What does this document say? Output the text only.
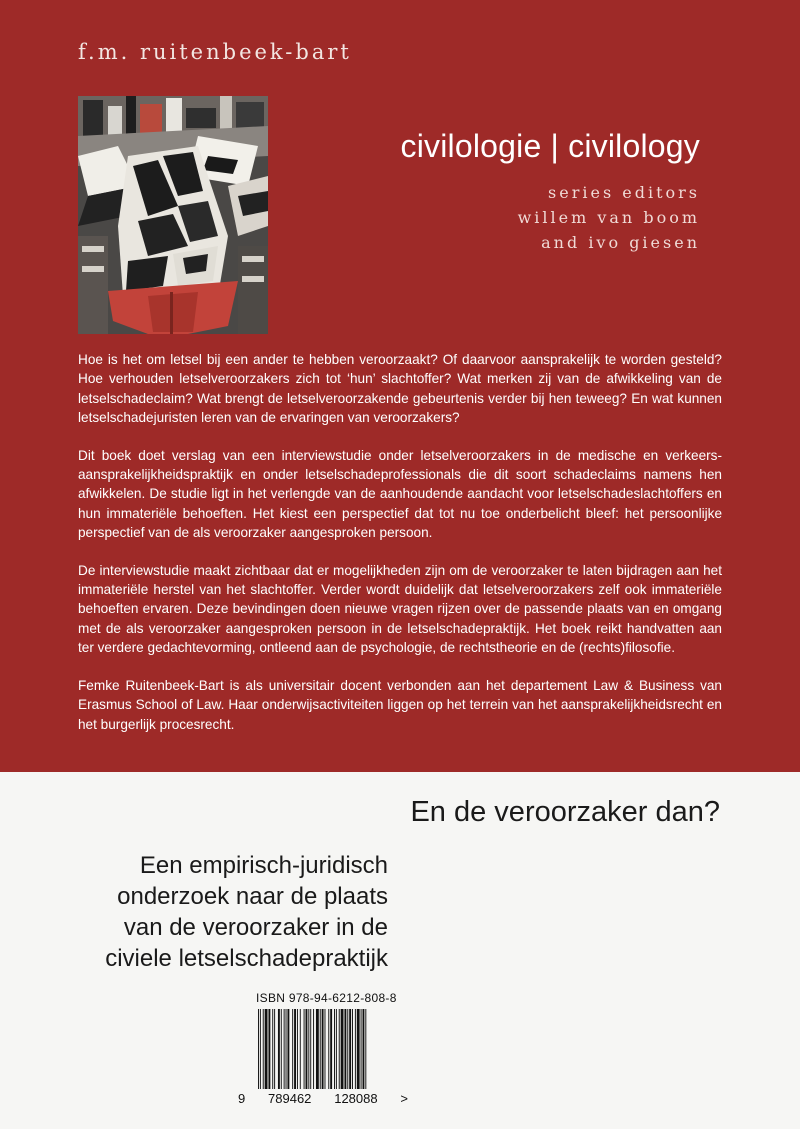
f.m. ruitenbeek-bart
civilologie | civilology
series editors
willem van boom
and ivo giesen

Hoe is het om letsel bij een ander te hebben veroorzaakt? Of daarvoor aansprakelijk te worden gesteld? Hoe verhouden letselveroorzakers zich tot ‘hun’ slachtoffer? Wat merken zij van de afwikkeling van de letselschadeclaim? Wat brengt de letselveroorzakende gebeurtenis verder bij hen teweeg? En wat kunnen letselschadejuristen leren van de ervaringen van veroorzakers?

Dit boek doet verslag van een interviewstudie onder letselveroorzakers in de medische en verkeers-aansprakelijkheidspraktijk en onder letselschadeprofessionals die dit soort schadeclaims namens hen afwikkelen. De studie ligt in het verlengde van de aanhoudende aandacht voor letselschadeslachtoffers en hun immateriële behoeften. Het kiest een perspectief dat tot nu toe onderbelicht bleef: het persoonlijke perspectief van de als veroorzaker aangesproken persoon.

De interviewstudie maakt zichtbaar dat er mogelijkheden zijn om de veroorzaker te laten bijdragen aan het immateriële herstel van het slachtoffer. Verder wordt duidelijk dat letselveroorzakers zelf ook immateriële behoeften ervaren. Deze bevindingen doen nieuwe vragen rijzen over de passende plaats van en omgang met de als veroorzaker aangesproken persoon in de letselschadepraktijk. Het boek reikt handvatten aan ter verdere gedachtevorming, ontleend aan de psychologie, de rechtstheorie en de (rechts)filosofie.

Femke Ruitenbeek-Bart is als universitair docent verbonden aan het departement Law & Business van Erasmus School of Law. Haar onderwijsactiviteiten liggen op het terrein van het aansprakelijkheidsrecht en het burgerlijk procesrecht.

En de veroorzaker dan?
Een empirisch-juridisch
onderzoek naar de plaats
van de veroorzaker in de
civiele letselschadepraktijk
ISBN 978-94-6212-808-8
9 789462 128088 >
